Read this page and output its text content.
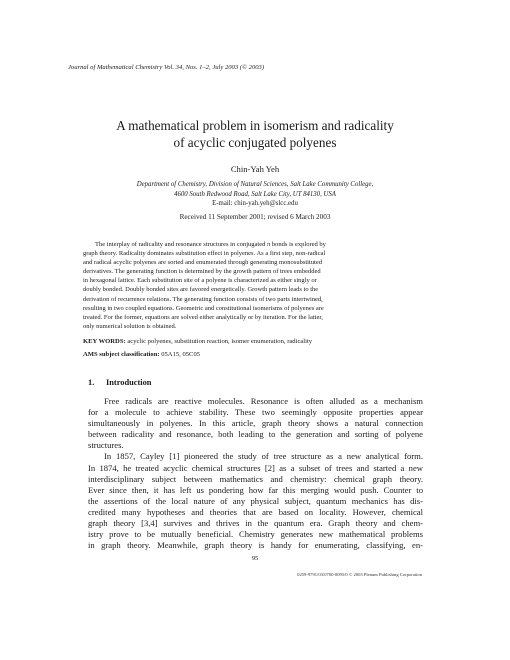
Journal of Mathematical Chemistry Vol. 34, Nos. 1–2, July 2003 (© 2003)
A mathematical problem in isomerism and radicality
of acyclic conjugated polyenes
Chin-Yah Yeh
Department of Chemistry, Division of Natural Sciences, Salt Lake Community College,
4600 South Redwood Road, Salt Lake City, UT 84130, USA
E-mail: chin-yah.yeh@slcc.edu
Received 11 September 2001; revised 6 March 2003
The interplay of radicality and resonance structures in conjugated π bonds is explored by
graph theory. Radicality dominates substitution effect in polyenes. As a first step, non-radical
and radical acyclic polyenes are sorted and enumerated through generating monosubstituted
derivatives. The generating function is determined by the growth pattern of trees embedded
in hexagonal lattice. Each substitution site of a polyene is characterized as either singly or
doubly bonded. Doubly bonded sites are favored energetically. Growth pattern leads to the
derivation of recurrence relations. The generating function consists of two parts intertwined,
resulting in two coupled equations. Geometric and constitutional isomerisms of polyenes are
treated. For the former, equations are solved either analytically or by iteration. For the latter,
only numerical solution is obtained.
KEY WORDS: acyclic polyenes, substitution reaction, isomer enumeration, radicality
AMS subject classification: 05A15, 05C05
1. Introduction
Free radicals are reactive molecules. Resonance is often alluded as a mechanism
for a molecule to achieve stability. These two seemingly opposite properties appear
simultaneously in polyenes. In this article, graph theory shows a natural connection
between radicality and resonance, both leading to the generation and sorting of polyene
structures.
In 1857, Cayley [1] pioneered the study of tree structure as a new analytical form.
In 1874, he treated acyclic chemical structures [2] as a subset of trees and started a new
interdisciplinary subject between mathematics and chemistry: chemical graph theory.
Ever since then, it has left us pondering how far this merging would push. Counter to
the assertions of the local nature of any physical subject, quantum mechanics has dis-
credited many hypotheses and theories that are based on locality. However, chemical
graph theory [3,4] survives and thrives in the quantum era. Graph theory and chem-
istry prove to be mutually beneficial. Chemistry generates new mathematical problems
in graph theory. Meanwhile, graph theory is handy for enumerating, classifying, en-
95
0259-9791/03/0700-0095/0 © 2003 Plenum Publishing Corporation
